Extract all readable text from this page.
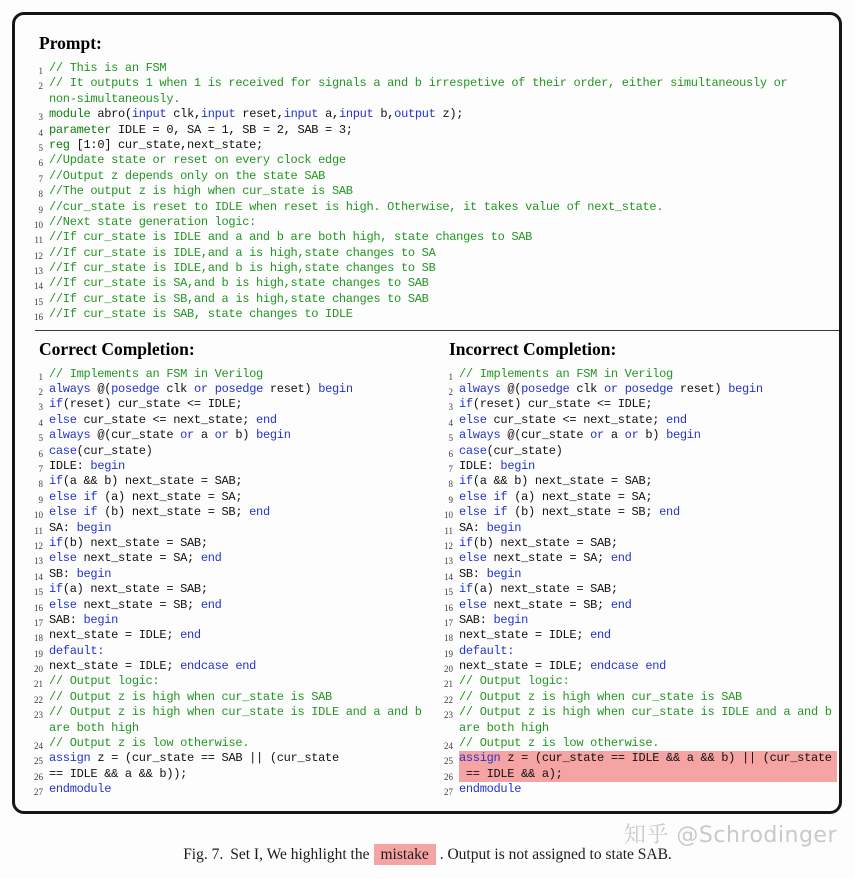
Prompt:
1 // This is an FSM
2 // It outputs 1 when 1 is received for signals a and b irrespetive of their order, either simultaneously or
non-simultaneously.
3 module abro(input clk,input reset,input a,input b,output z);
4 parameter IDLE = 0, SA = 1, SB = 2, SAB = 3;
5 reg [1:0] cur_state,next_state;
6 //Update state or reset on every clock edge
7 //Output z depends only on the state SAB
8 //The output z is high when cur_state is SAB
9 //cur_state is reset to IDLE when reset is high. Otherwise, it takes value of next_state.
10 //Next state generation logic:
11 //If cur_state is IDLE and a and b are both high, state changes to SAB
12 //If cur_state is IDLE,and a is high,state changes to SA
13 //If cur_state is IDLE,and b is high,state changes to SB
14 //If cur_state is SA,and b is high,state changes to SAB
15 //If cur_state is SB,and a is high,state changes to SAB
16 //If cur_state is SAB, state changes to IDLE
Correct Completion:
1 // Implements an FSM in Verilog
2 always @(posedge clk or posedge reset) begin
3 if(reset) cur_state <= IDLE;
4 else cur_state <= next_state; end
5 always @(cur_state or a or b) begin
6 case(cur_state)
7 IDLE: begin
8 if(a && b) next_state = SAB;
9 else if (a) next_state = SA;
10 else if (b) next_state = SB; end
11 SA: begin
12 if(b) next_state = SAB;
13 else next_state = SA; end
14 SB: begin
15 if(a) next_state = SAB;
16 else next_state = SB; end
17 SAB: begin
18 next_state = IDLE; end
19 default:
20 next_state = IDLE; endcase end
21 // Output logic:
22 // Output z is high when cur_state is SAB
23 // Output z is high when cur_state is IDLE and a and b
are both high
24 // Output z is low otherwise.
25 assign z = (cur_state == SAB || (cur_state
26 == IDLE && a && b));
27 endmodule
Incorrect Completion:
1 // Implements an FSM in Verilog
2 always @(posedge clk or posedge reset) begin
3 if(reset) cur_state <= IDLE;
4 else cur_state <= next_state; end
5 always @(cur_state or a or b) begin
6 case(cur_state)
7 IDLE: begin
8 if(a && b) next_state = SAB;
9 else if (a) next_state = SA;
10 else if (b) next_state = SB; end
11 SA: begin
12 if(b) next_state = SAB;
13 else next_state = SA; end
14 SB: begin
15 if(a) next_state = SAB;
16 else next_state = SB; end
17 SAB: begin
18 next_state = IDLE; end
19 default:
20 next_state = IDLE; endcase end
21 // Output logic:
22 // Output z is high when cur_state is SAB
23 // Output z is high when cur_state is IDLE and a and b
are both high
24 // Output z is low otherwise.
25 assign z = (cur_state == IDLE && a && b) || (cur_state
26 == IDLE && a);
27 endmodule
知乎 @Schrodinger
Fig. 7. Set I, We highlight the mistake . Output is not assigned to state SAB.
